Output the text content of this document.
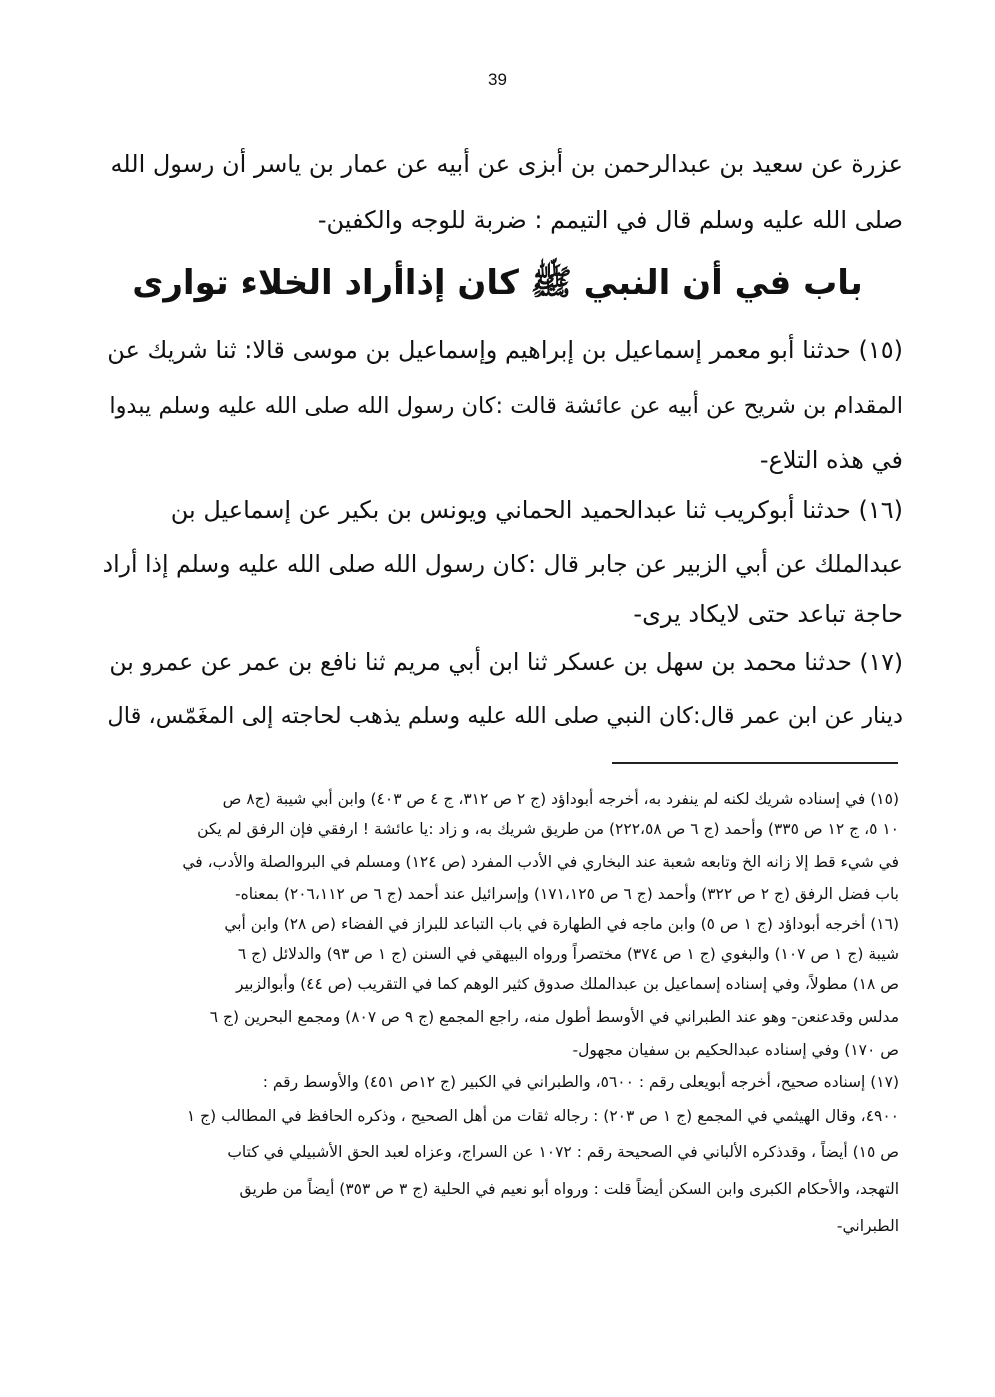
39
عزرة عن سعيد بن عبدالرحمن بن أبزى عن أبيه عن عمار بن ياسر أن رسول الله
صلى الله عليه وسلم قال في التيمم : ضربة للوجه والكفين-
باب في أن النبي ﷺ كان إذاأراد الخلاء توارى
(١٥) حدثنا أبو معمر إسماعيل بن إبراهيم وإسماعيل بن موسى قالا: ثنا شريك عن
المقدام بن شريح عن أبيه عن عائشة قالت :كان رسول الله صلى الله عليه وسلم يبدوا
في هذه التلاع-
(١٦) حدثنا أبوكريب ثنا عبدالحميد الحماني ويونس بن بكير عن إسماعيل بن
عبدالملك عن أبي الزبير عن جابر قال :كان رسول الله صلى الله عليه وسلم إذا أراد
حاجة تباعد حتى لايكاد يرى-
(١٧) حدثنا محمد بن سهل بن عسكر ثنا ابن أبي مريم ثنا نافع بن عمر عن عمرو بن
دينار عن ابن عمر قال:كان النبي صلى الله عليه وسلم يذهب لحاجته إلى المغَمّس، قال
(١٥) في إسناده شريك لكنه لم ينفرد به، أخرجه أبوداؤد (ج ٢ ص ٣١٢، ج ٤ ص ٤٠٣) وابن أبي شيبة (ج٨ ص
١٠ ٥، ج ١٢ ص ٣٣٥) وأحمد (ج ٦ ص ٢٢٢،٥٨) من طريق شريك به، و زاد :يا عائشة ! ارفقي فإن الرفق لم يكن
في شيء قط إلا زانه الخ وتابعه شعبة عند البخاري في الأدب المفرد (ص ١٢٤) ومسلم في البروالصلة والأدب، في
باب فضل الرفق (ج ٢ ص ٣٢٢) وأحمد (ج ٦ ص ١٧١،١٢٥) وإسرائيل عند أحمد (ج ٦ ص ٢٠٦،١١٢) بمعناه-
(١٦) أخرجه أبوداؤد (ج ١ ص ٥) وابن ماجه في الطهارة في باب التباعد للبراز في الفضاء (ص ٢٨) وابن أبي
شيبة (ج ١ ص ١٠٧) والبغوي (ج ١ ص ٣٧٤) مختصراً ورواه البيهقي في السنن (ج ١ ص ٩٣) والدلائل (ج ٦
ص ١٨) مطولاً، وفي إسناده إسماعيل بن عبدالملك صدوق كثير الوهم كما في التقريب (ص ٤٤) وأبوالزبير
مدلس وقدعنعن- وهو عند الطبراني في الأوسط أطول منه، راجع المجمع (ج ٩ ص ٨٠٧) ومجمع البحرين (ج ٦
ص ١٧٠) وفي إسناده عبدالحكيم بن سفيان مجهول-
(١٧) إسناده صحيح، أخرجه أبويعلى رقم : ٥٦٠٠، والطبراني في الكبير (ج ١٢ص ٤٥١) والأوسط رقم :
٤٩٠٠، وقال الهيثمي في المجمع (ج ١ ص ٢٠٣) : رجاله ثقات من أهل الصحيح ، وذكره الحافظ في المطالب (ج ١
ص ١٥) أيضاً ، وقدذكره الألباني في الصحيحة رقم : ١٠٧٢ عن السراج، وعزاه لعبد الحق الأشبيلي في كتاب
التهجد، والأحكام الكبرى وابن السكن أيضاً قلت : ورواه أبو نعيم في الحلية (ج ٣ ص ٣٥٣) أيضاً من طريق
الطبراني-
